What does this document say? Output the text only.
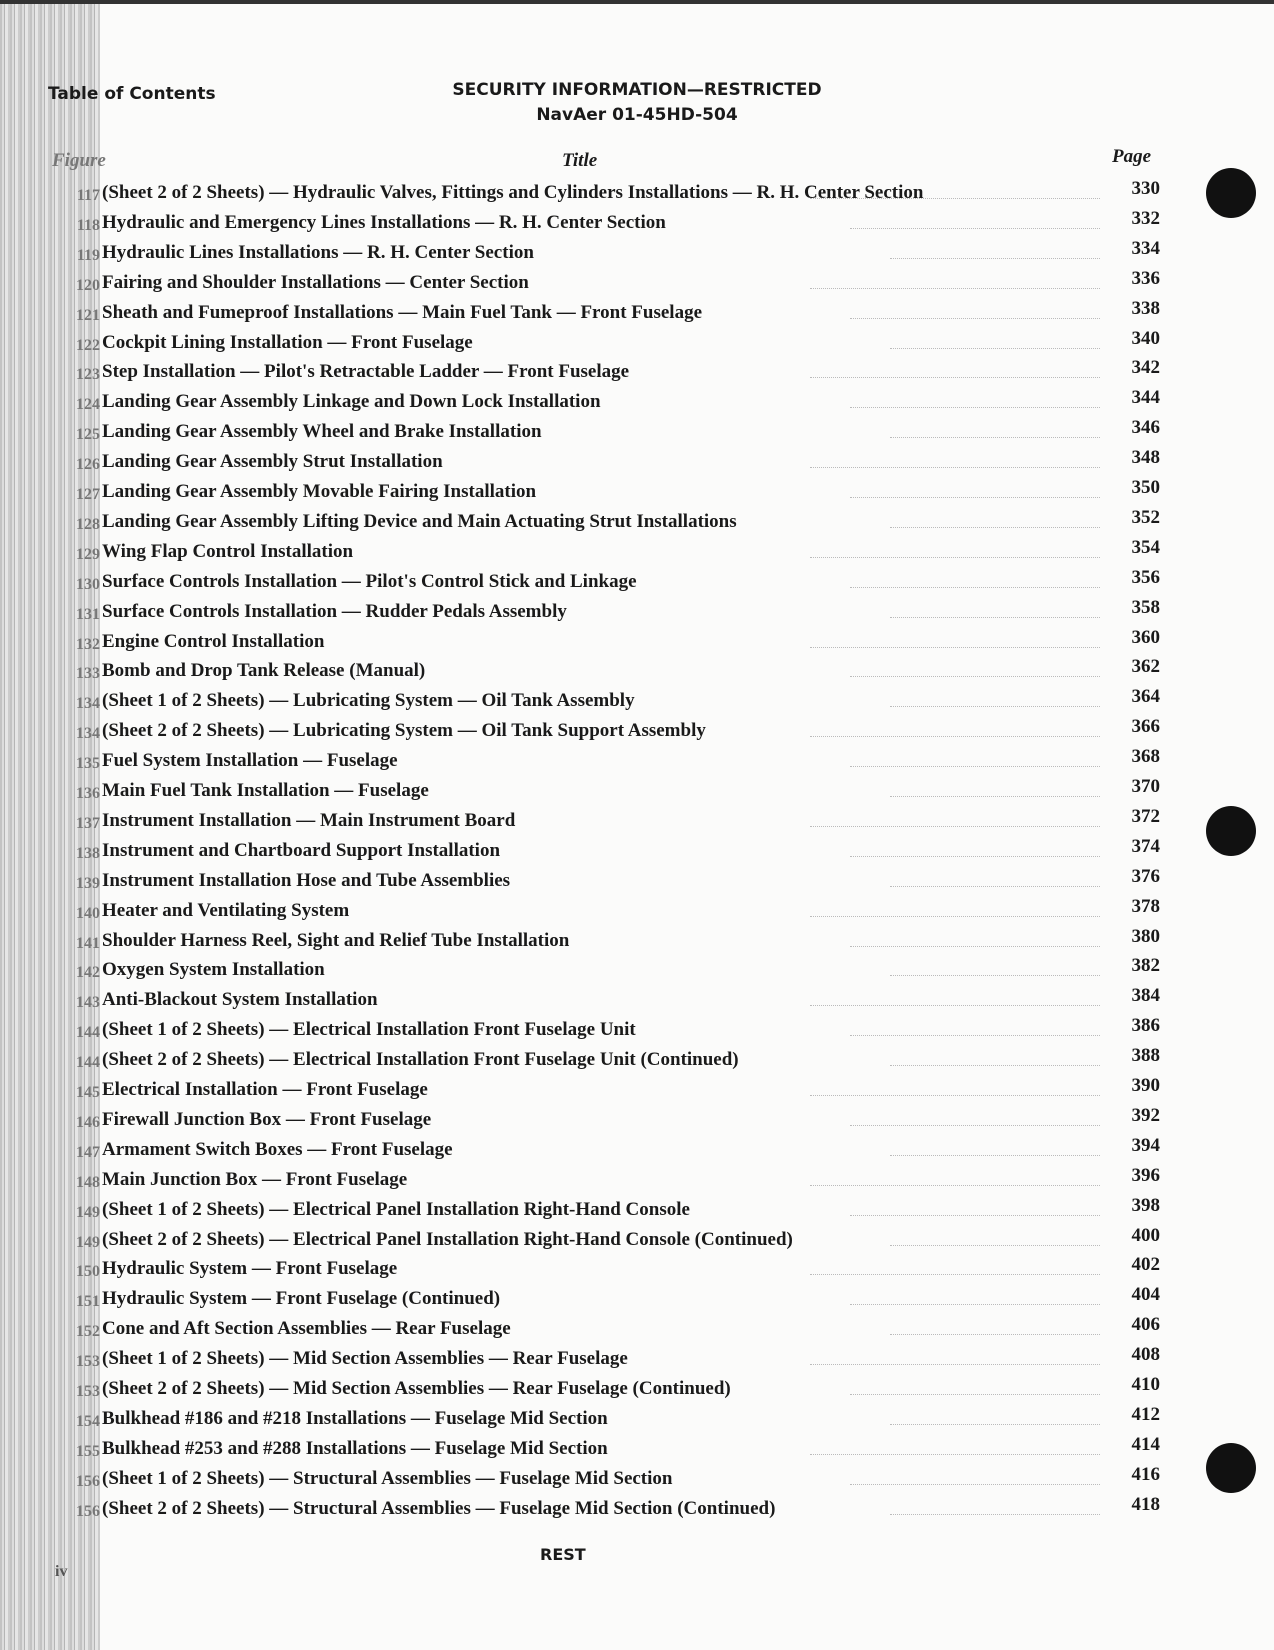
Table of Contents	SECURITY INFORMATION—RESTRICTED
NavAer 01-45HD-504
Figure	Title	Page
117 (Sheet 2 of 2 Sheets) — Hydraulic Valves, Fittings and Cylinders Installations — R. H. Center Section	330
118 Hydraulic and Emergency Lines Installations — R. H. Center Section	332
119 Hydraulic Lines Installations — R. H. Center Section	334
120 Fairing and Shoulder Installations — Center Section	336
121 Sheath and Fumeproof Installations — Main Fuel Tank — Front Fuselage	338
122 Cockpit Lining Installation — Front Fuselage	340
123 Step Installation — Pilot's Retractable Ladder — Front Fuselage	342
124 Landing Gear Assembly Linkage and Down Lock Installation	344
125 Landing Gear Assembly Wheel and Brake Installation	346
126 Landing Gear Assembly Strut Installation	348
127 Landing Gear Assembly Movable Fairing Installation	350
128 Landing Gear Assembly Lifting Device and Main Actuating Strut Installations	352
129 Wing Flap Control Installation	354
130 Surface Controls Installation — Pilot's Control Stick and Linkage	356
131 Surface Controls Installation — Rudder Pedals Assembly	358
132 Engine Control Installation	360
133 Bomb and Drop Tank Release (Manual)	362
134 (Sheet 1 of 2 Sheets) — Lubricating System — Oil Tank Assembly	364
134 (Sheet 2 of 2 Sheets) — Lubricating System — Oil Tank Support Assembly	366
135 Fuel System Installation — Fuselage	368
136 Main Fuel Tank Installation — Fuselage	370
137 Instrument Installation — Main Instrument Board	372
138 Instrument and Chartboard Support Installation	374
139 Instrument Installation Hose and Tube Assemblies	376
140 Heater and Ventilating System	378
141 Shoulder Harness Reel, Sight and Relief Tube Installation	380
142 Oxygen System Installation	382
143 Anti-Blackout System Installation	384
144 (Sheet 1 of 2 Sheets) — Electrical Installation Front Fuselage Unit	386
144 (Sheet 2 of 2 Sheets) — Electrical Installation Front Fuselage Unit (Continued)	388
145 Electrical Installation — Front Fuselage	390
146 Firewall Junction Box — Front Fuselage	392
147 Armament Switch Boxes — Front Fuselage	394
148 Main Junction Box — Front Fuselage	396
149 (Sheet 1 of 2 Sheets) — Electrical Panel Installation Right-Hand Console	398
149 (Sheet 2 of 2 Sheets) — Electrical Panel Installation Right-Hand Console (Continued)	400
150 Hydraulic System — Front Fuselage	402
151 Hydraulic System — Front Fuselage (Continued)	404
152 Cone and Aft Section Assemblies — Rear Fuselage	406
153 (Sheet 1 of 2 Sheets) — Mid Section Assemblies — Rear Fuselage	408
153 (Sheet 2 of 2 Sheets) — Mid Section Assemblies — Rear Fuselage (Continued)	410
154 Bulkhead #186 and #218 Installations — Fuselage Mid Section	412
155 Bulkhead #253 and #288 Installations — Fuselage Mid Section	414
156 (Sheet 1 of 2 Sheets) — Structural Assemblies — Fuselage Mid Section	416
156 (Sheet 2 of 2 Sheets) — Structural Assemblies — Fuselage Mid Section (Continued)	418
REST
iv
